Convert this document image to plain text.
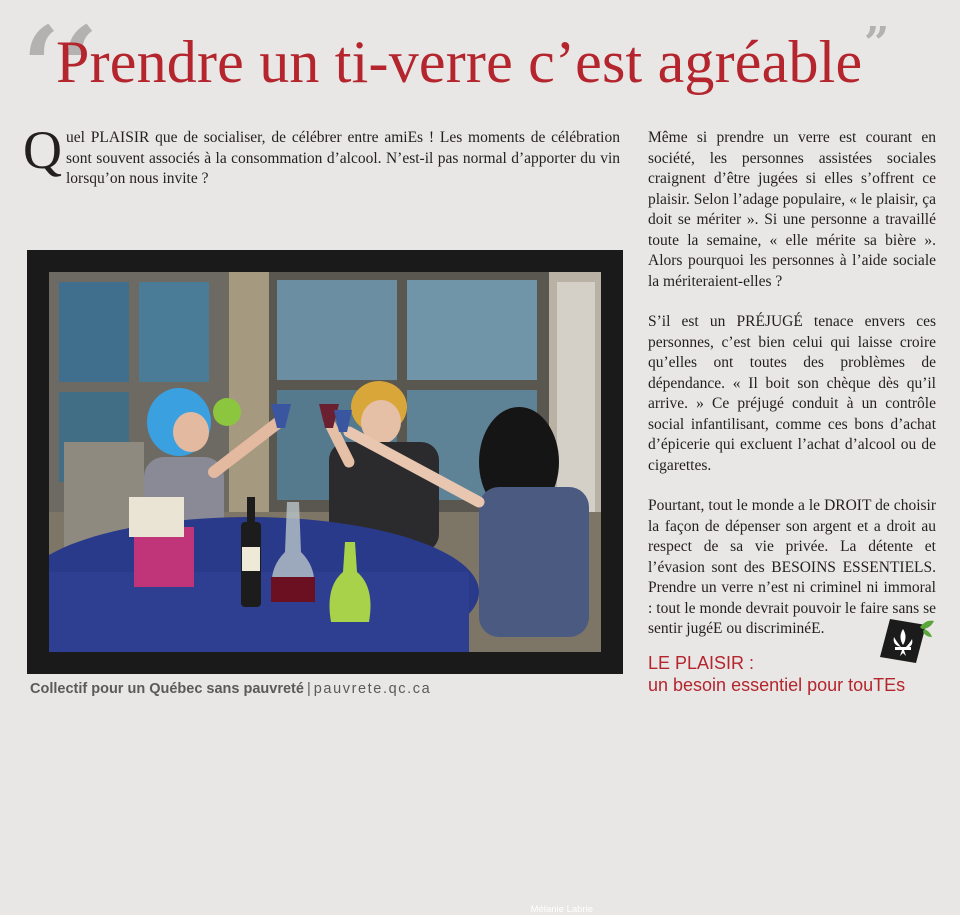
‘‘
Prendre un ti-verre c’est agréable ”
Quel PLAISIR que de socialiser, de célébrer entre amiEs ! Les moments de célébration sont souvent associés à la consommation d’alcool. N’est-il pas normal d’apporter du vin lorsqu’on nous invite ?
Mélanie Labrie

Même si prendre un verre est courant en société, les personnes assistées sociales craignent d’être jugées si elles s’offrent ce plaisir. Selon l’adage populaire, « le plaisir, ça doit se mériter ». Si une personne a travaillé toute la semaine, « elle mérite sa bière ». Alors pourquoi les personnes à l’aide sociale la mériteraient-elles ?

S’il est un PRÉJUGÉ tenace envers ces personnes, c’est bien celui qui laisse croire qu’elles ont toutes des problèmes de dépendance. « Il boit son chèque dès qu’il arrive. » Ce préjugé conduit à un contrôle social infantilisant, comme ces bons d’achat d’épicerie qui excluent l’achat d’alcool ou de cigarettes.

Pourtant, tout le monde a le DROIT de choisir la façon de dépenser son argent et a droit au respect de sa vie privée. La détente et l’évasion sont des BESOINS ESSENTIELS. Prendre un verre n’est ni criminel ni immoral : tout le monde devrait pouvoir le faire sans se sentir jugéE ou discriminéE.

LE PLAISIR :
un besoin essentiel pour touTEs
Collectif pour un Québec sans pauvreté | pauvrete.qc.ca
